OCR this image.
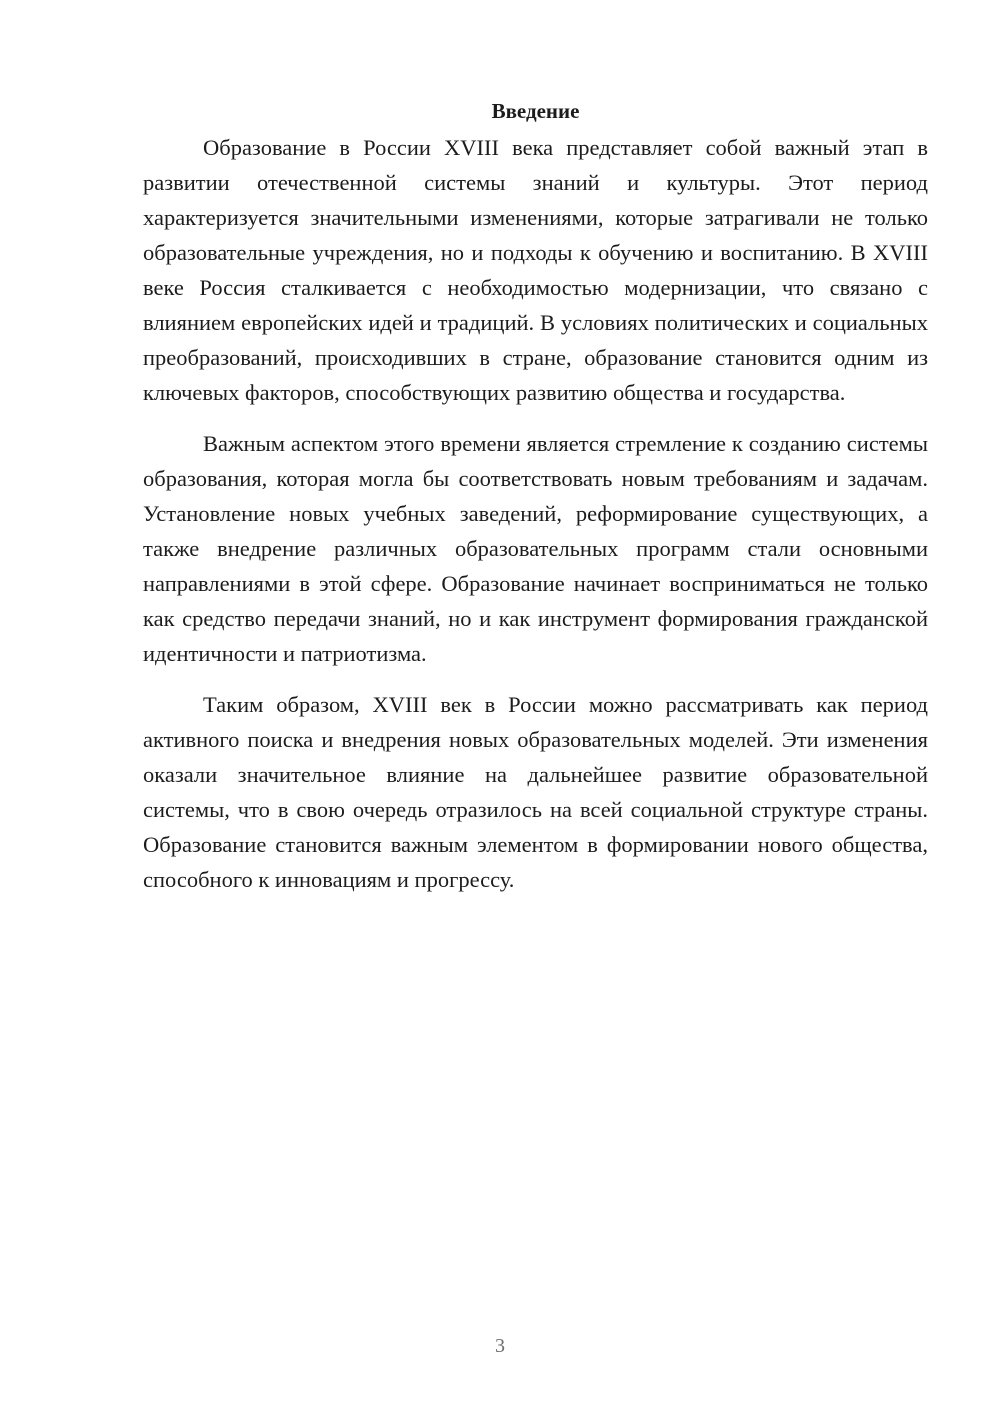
Введение

Образование в России XVIII века представляет собой важный этап в развитии отечественной системы знаний и культуры. Этот период характеризуется значительными изменениями, которые затрагивали не только образовательные учреждения, но и подходы к обучению и воспитанию. В XVIII веке Россия сталкивается с необходимостью модернизации, что связано с влиянием европейских идей и традиций. В условиях политических и социальных преобразований, происходивших в стране, образование становится одним из ключевых факторов, способствующих развитию общества и государства.

Важным аспектом этого времени является стремление к созданию системы образования, которая могла бы соответствовать новым требованиям и задачам. Установление новых учебных заведений, реформирование существующих, а также внедрение различных образовательных программ стали основными направлениями в этой сфере. Образование начинает восприниматься не только как средство передачи знаний, но и как инструмент формирования гражданской идентичности и патриотизма.

Таким образом, XVIII век в России можно рассматривать как период активного поиска и внедрения новых образовательных моделей. Эти изменения оказали значительное влияние на дальнейшее развитие образовательной системы, что в свою очередь отразилось на всей социальной структуре страны. Образование становится важным элементом в формировании нового общества, способного к инновациям и прогрессу.

3
